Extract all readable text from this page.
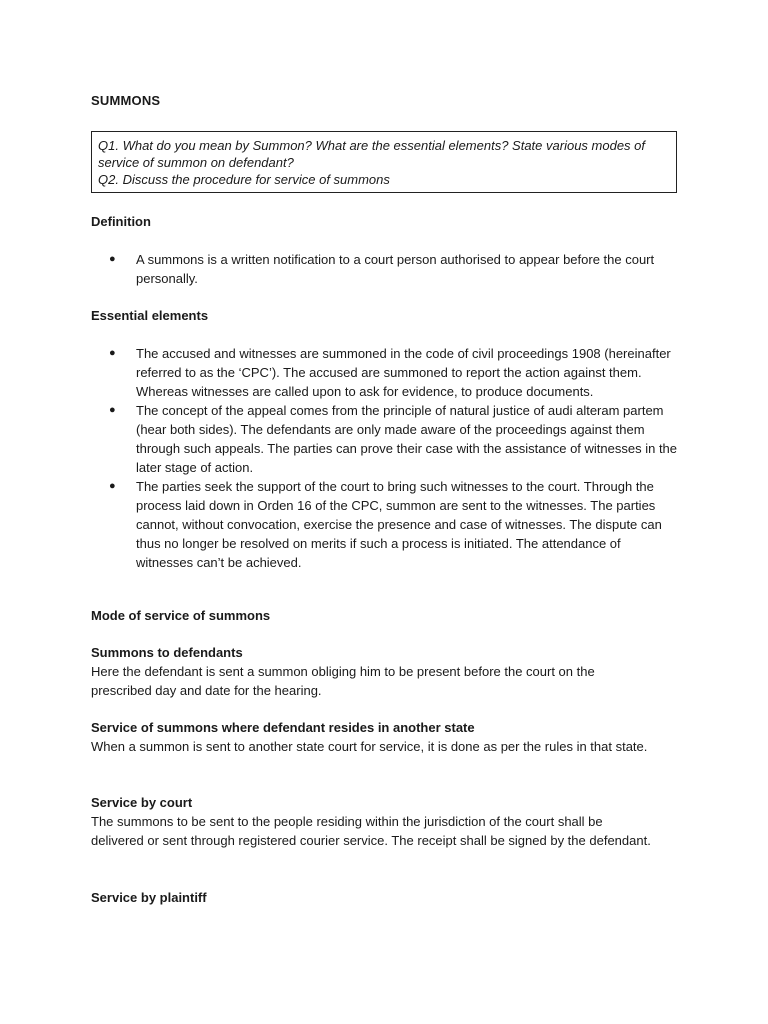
SUMMONS
Q1. What do you mean by Summon? What are the essential elements? State various modes of service of summon on defendant?
Q2. Discuss the procedure for service of summons
Definition
● A summons is a written notification to a court person authorised to appear before the court personally.
Essential elements
● The accused and witnesses are summoned in the code of civil proceedings 1908 (hereinafter referred to as the ‘CPC’). The accused are summoned to report the action against them. Whereas witnesses are called upon to ask for evidence, to produce documents.
● The concept of the appeal comes from the principle of natural justice of audi alteram partem (hear both sides). The defendants are only made aware of the proceedings against them through such appeals. The parties can prove their case with the assistance of witnesses in the later stage of action.
● The parties seek the support of the court to bring such witnesses to the court. Through the process laid down in Orden 16 of the CPC, summon are sent to the witnesses. The parties cannot, without convocation, exercise the presence and case of witnesses. The dispute can thus no longer be resolved on merits if such a process is initiated. The attendance of witnesses can’t be achieved.
Mode of service of summons
Summons to defendants
Here the defendant is sent a summon obliging him to be present before the court on the prescribed day and date for the hearing.
Service of summons where defendant resides in another state
When a summon is sent to another state court for service, it is done as per the rules in that state.
Service by court
The summons to be sent to the people residing within the jurisdiction of the court shall be delivered or sent through registered courier service. The receipt shall be signed by the defendant.
Service by plaintiff
